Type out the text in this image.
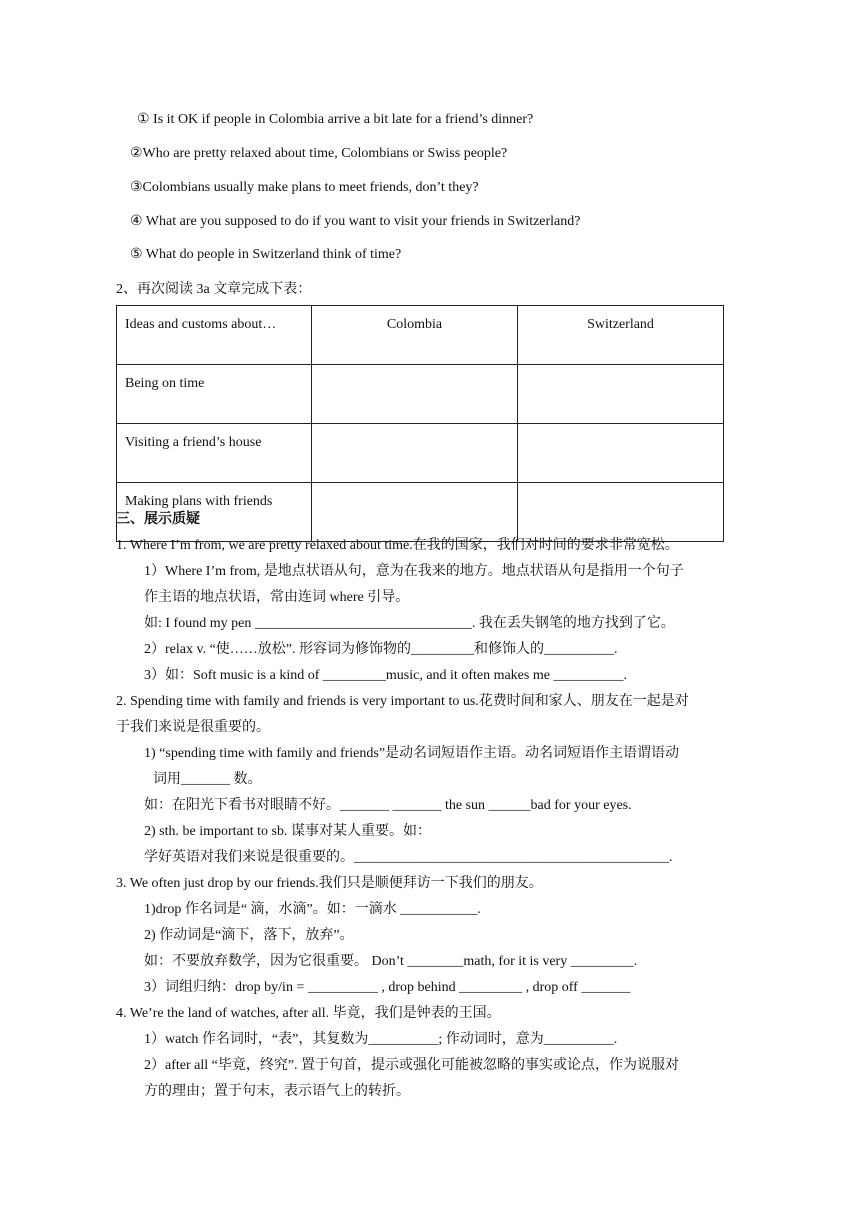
① Is it OK if people in Colombia arrive a bit late for a friend’s dinner?
②Who are pretty relaxed about time, Colombians or Swiss people?
③Colombians usually make plans to meet friends, don’t they?
④ What are you supposed to do if you want to visit your friends in Switzerland?
⑤ What do people in Switzerland think of time?
2、再次阅读 3a 文章完成下表：
Ideas and customs about…	Colombia	Switzerland
Being on time		
Visiting a friend’s house		
Making plans with friends		
三、展示质疑
1. Where I’m from, we are pretty relaxed about time.在我的国家，我们对时间的要求非常宽松。
1）Where I’m from, 是地点状语从句，意为在我来的地方。地点状语从句是指用一个句子
作主语的地点状语，常由连词 where 引导。
如: I found my pen _______________________________. 我在丢失钢笔的地方找到了它。
2）relax v. “使……放松”. 形容词为修饰物的_________和修饰人的__________.
3）如：Soft music is a kind of _________music, and it often makes me __________.
2. Spending time with family and friends is very important to us.花费时间和家人、朋友在一起是对
于我们来说是很重要的。
1) “spending time with family and friends”是动名词短语作主语。动名词短语作主语谓语动
词用_______ 数。
如：在阳光下看书对眼睛不好。_______ _______ the sun ______bad for your eyes.
2) sth. be important to sb. 谋事对某人重要。如：
学好英语对我们来说是很重要的。_____________________________________________.
3. We often just drop by our friends.我们只是顺便拜访一下我们的朋友。
1)drop 作名词是“ 滴，水滴”。如：一滴水 ___________.
2) 作动词是“滴下，落下，放弃”。
如：不要放弃数学，因为它很重要。 Don’t ________math, for it is very _________.
3）词组归纳：drop by/in = __________ , drop behind _________ , drop off _______
4. We’re the land of watches, after all. 毕竟，我们是钟表的王国。
1）watch 作名词时，“表”，其复数为__________; 作动词时，意为__________.
2）after all “毕竟，终究”. 置于句首，提示或强化可能被忽略的事实或论点，作为说服对
方的理由；置于句末，表示语气上的转折。
